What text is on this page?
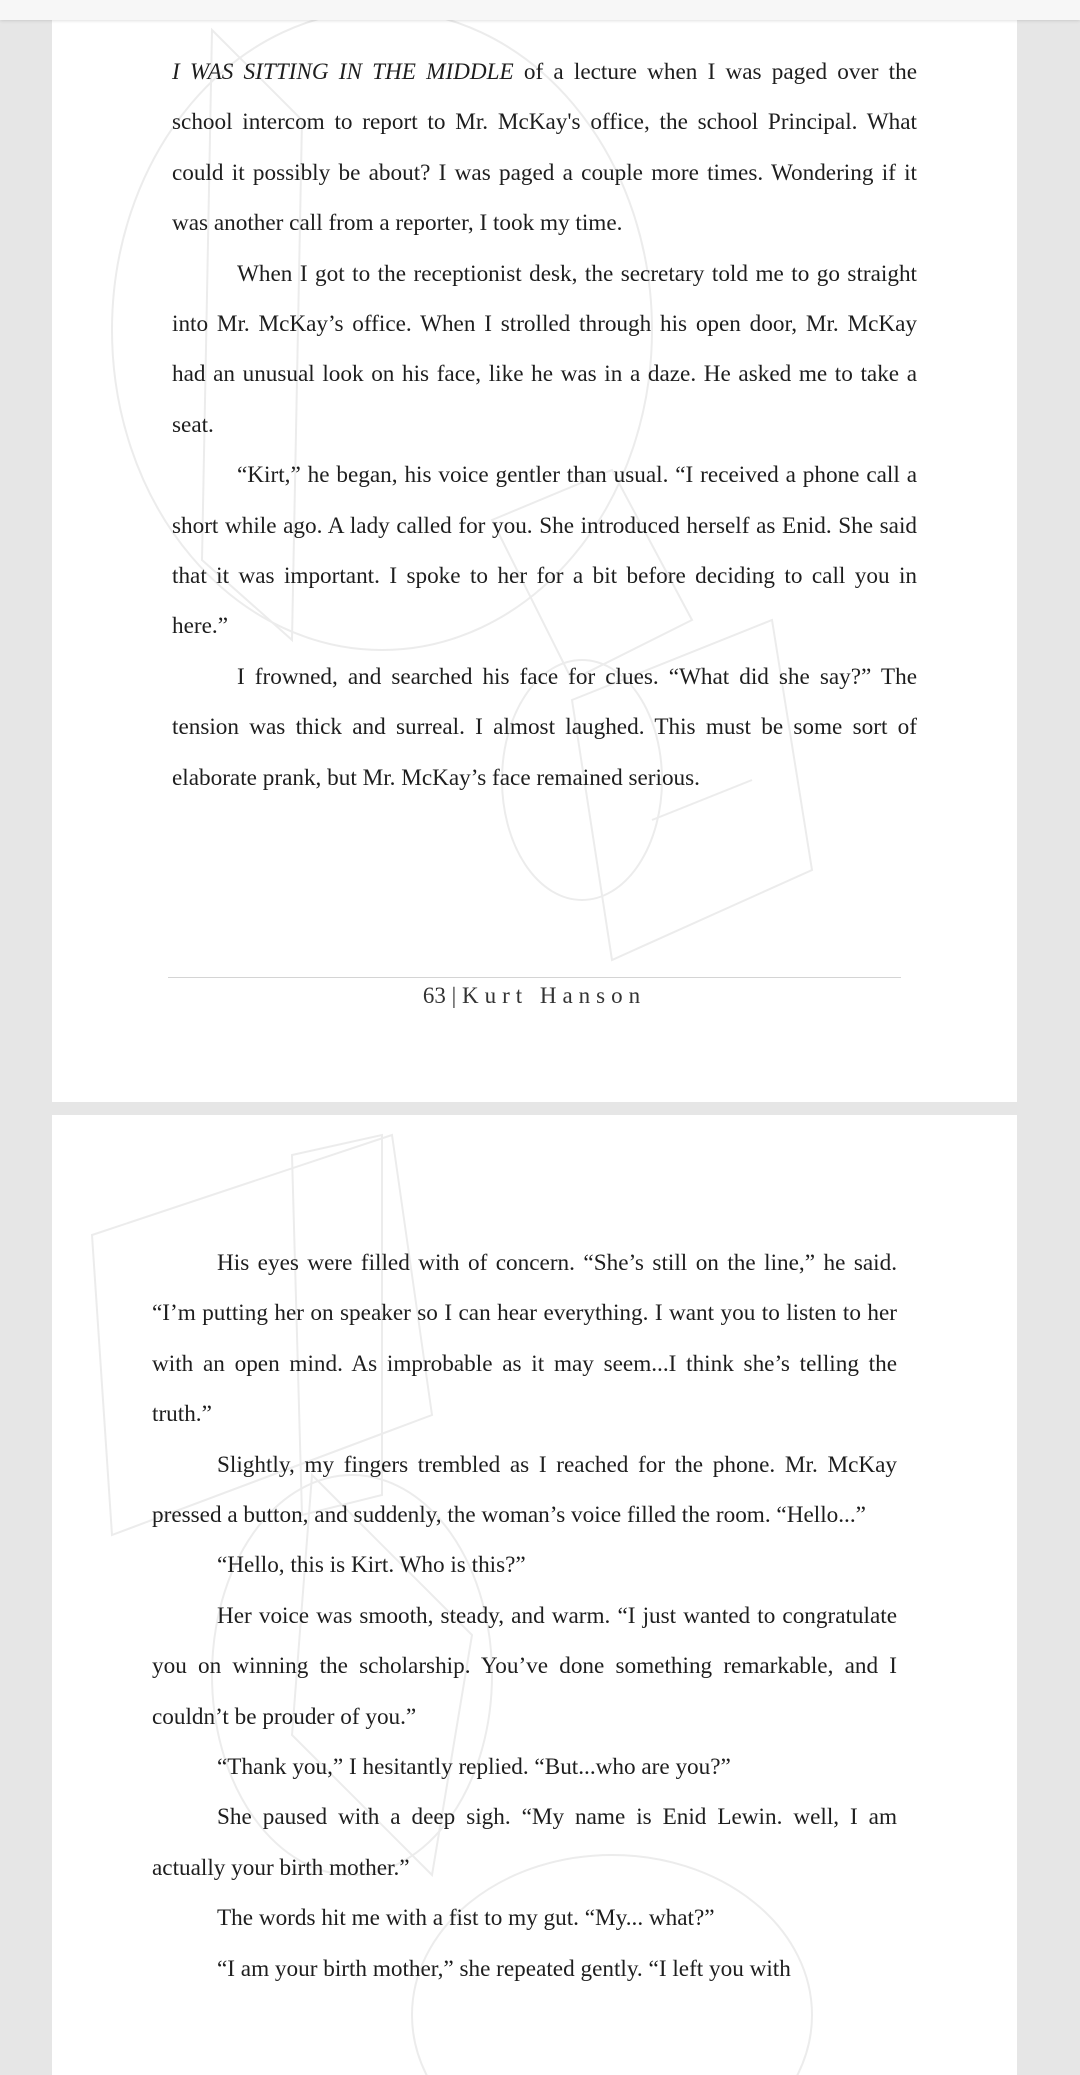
I WAS SITTING IN THE MIDDLE of a lecture when I was paged over the school intercom to report to Mr. McKay's office, the school Principal. What could it possibly be about? I was paged a couple more times. Wondering if it was another call from a reporter, I took my time.

When I got to the receptionist desk, the secretary told me to go straight into Mr. McKay’s office. When I strolled through his open door, Mr. McKay had an unusual look on his face, like he was in a daze. He asked me to take a seat.

“Kirt,” he began, his voice gentler than usual. “I received a phone call a short while ago. A lady called for you. She introduced herself as Enid. She said that it was important. I spoke to her for a bit before deciding to call you in here.”

I frowned, and searched his face for clues. “What did she say?” The tension was thick and surreal. I almost laughed. This must be some sort of elaborate prank, but Mr. McKay’s face remained serious.

63 | Kurt Hanson

His eyes were filled with of concern. “She’s still on the line,” he said. “I’m putting her on speaker so I can hear everything. I want you to listen to her with an open mind. As improbable as it may seem...I think she’s telling the truth.”

Slightly, my fingers trembled as I reached for the phone. Mr. McKay pressed a button, and suddenly, the woman’s voice filled the room. “Hello...”

“Hello, this is Kirt. Who is this?”

Her voice was smooth, steady, and warm. “I just wanted to congratulate you on winning the scholarship. You’ve done something remarkable, and I couldn’t be prouder of you.”

“Thank you,” I hesitantly replied. “But...who are you?”

She paused with a deep sigh. “My name is Enid Lewin. well, I am actually your birth mother.”

The words hit me with a fist to my gut. “My... what?”

“I am your birth mother,” she repeated gently. “I left you with
